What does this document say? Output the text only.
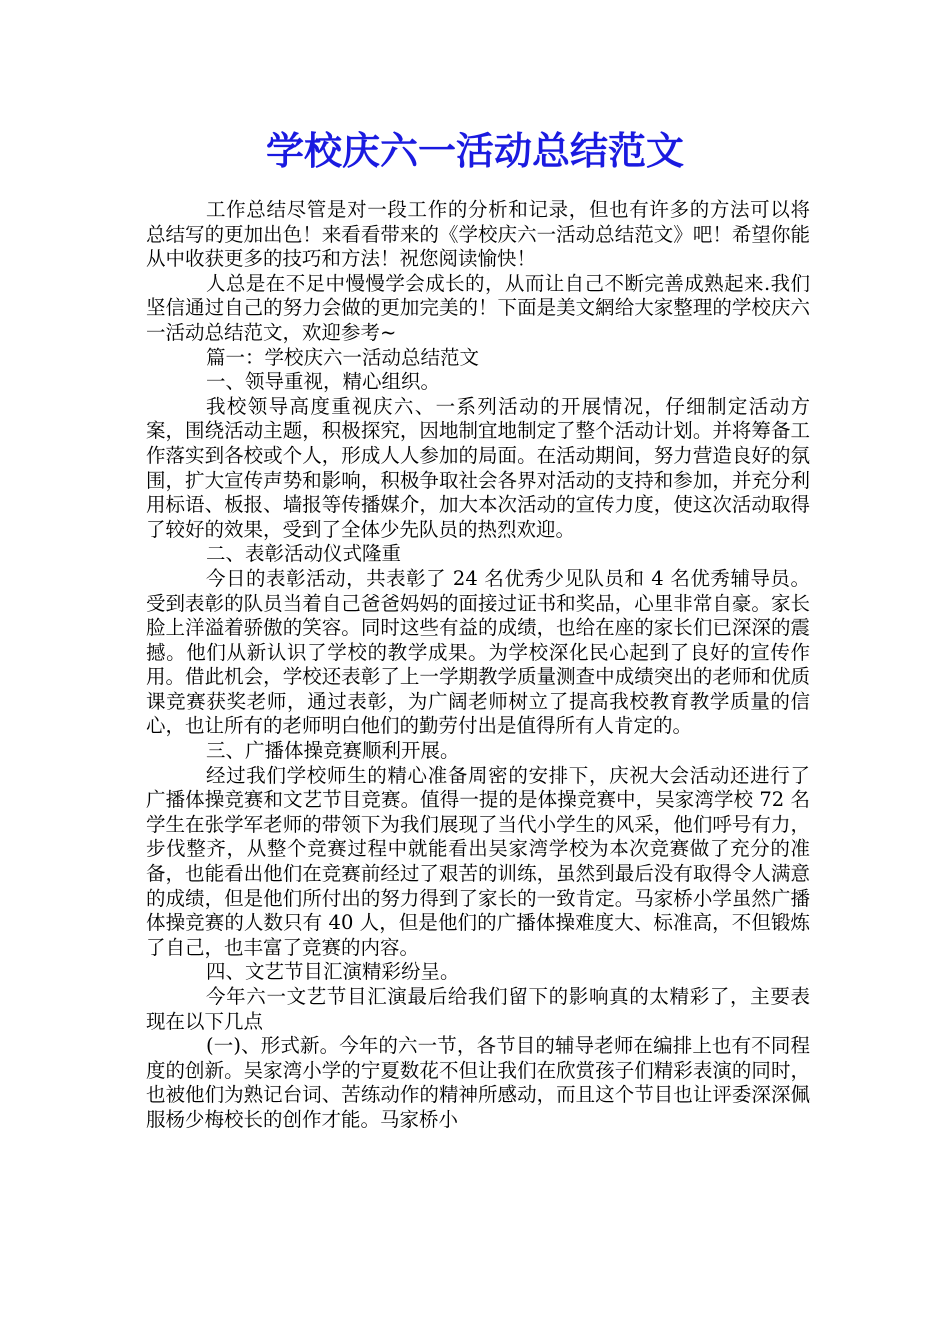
学校庆六一活动总结范文

工作总结尽管是对一段工作的分析和记录，但也有许多的方法可以将总结写的更加出色！来看看带来的《学校庆六一活动总结范文》吧！希望你能从中收获更多的技巧和方法！祝您阅读愉快！

人总是在不足中慢慢学会成长的，从而让自己不断完善成熟起来.我们坚信通过自己的努力会做的更加完美的！下面是美文網给大家整理的学校庆六一活动总结范文，欢迎参考~

篇一：学校庆六一活动总结范文

一、领导重视，精心组织。

我校领导高度重视庆六、一系列活动的开展情况，仔细制定活动方案，围绕活动主题，积极探究，因地制宜地制定了整个活动计划。并将筹备工作落实到各校或个人，形成人人参加的局面。在活动期间，努力营造良好的氛围，扩大宣传声势和影响，积极争取社会各界对活动的支持和参加，并充分利用标语、板报、墙报等传播媒介，加大本次活动的宣传力度，使这次活动取得了较好的效果，受到了全体少先队员的热烈欢迎。

二、表彰活动仪式隆重

今日的表彰活动，共表彰了 24 名优秀少见队员和 4 名优秀辅导员。受到表彰的队员当着自己爸爸妈妈的面接过证书和奖品，心里非常自豪。家长脸上洋溢着骄傲的笑容。同时这些有益的成绩，也给在座的家长们已深深的震撼。他们从新认识了学校的教学成果。为学校深化民心起到了良好的宣传作用。借此机会，学校还表彰了上一学期教学质量测查中成绩突出的老师和优质课竞赛获奖老师，通过表彰，为广阔老师树立了提高我校教育教学质量的信心，也让所有的老师明白他们的勤劳付出是值得所有人肯定的。

三、广播体操竞赛顺利开展。

经过我们学校师生的精心准备周密的安排下，庆祝大会活动还进行了广播体操竞赛和文艺节目竞赛。值得一提的是体操竞赛中，吴家湾学校 72 名学生在张学军老师的带领下为我们展现了当代小学生的风采，他们呼号有力，步伐整齐，从整个竞赛过程中就能看出吴家湾学校为本次竞赛做了充分的准备，也能看出他们在竞赛前经过了艰苦的训练，虽然到最后没有取得令人满意的成绩，但是他们所付出的努力得到了家长的一致肯定。马家桥小学虽然广播体操竞赛的人数只有 40 人，但是他们的广播体操难度大、标准高，不但锻炼了自己，也丰富了竞赛的内容。

四、文艺节目汇演精彩纷呈。

今年六一文艺节目汇演最后给我们留下的影响真的太精彩了，主要表现在以下几点

(一)、形式新。今年的六一节，各节目的辅导老师在编排上也有不同程度的创新。吴家湾小学的宁夏数花不但让我们在欣赏孩子们精彩表演的同时，也被他们为熟记台词、苦练动作的精神所感动，而且这个节目也让评委深深佩服杨少梅校长的创作才能。马家桥小
